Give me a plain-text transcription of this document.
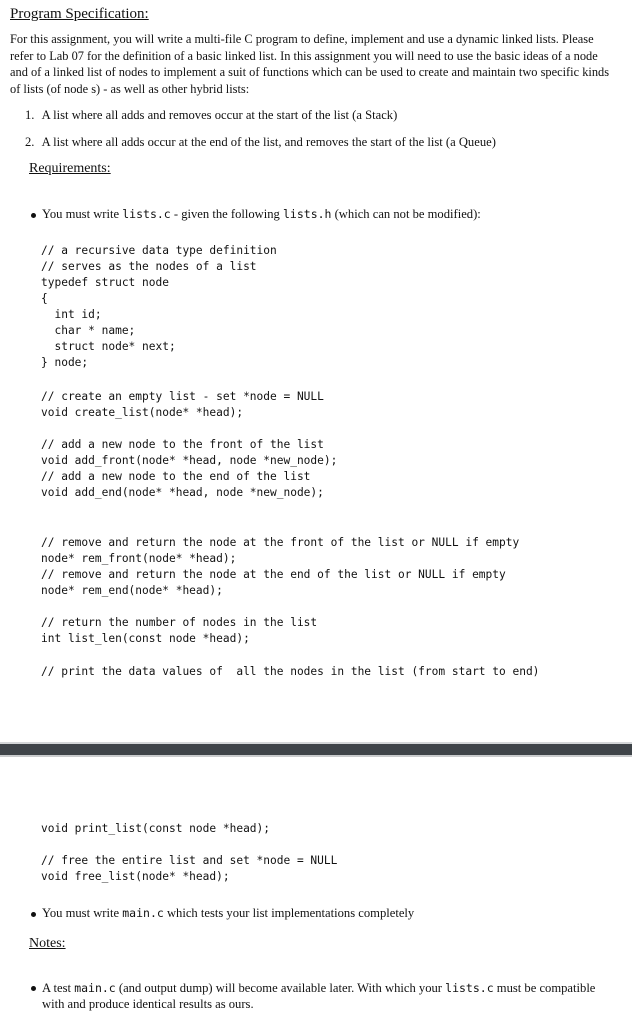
Program Specification:
For this assignment, you will write a multi-file C program to define, implement and use a dynamic linked lists. Please refer to Lab 07 for the definition of a basic linked list. In this assignment you will need to use the basic ideas of a node and of a linked list of nodes to implement a suit of functions which can be used to create and maintain two specific kinds of lists (of node s) - as well as other hybrid lists:
1. A list where all adds and removes occur at the start of the list (a Stack)
2. A list where all adds occur at the end of the list, and removes the start of the list (a Queue)
Requirements:
You must write lists.c - given the following lists.h (which can not be modified):
// a recursive data type definition
// serves as the nodes of a list
typedef struct node
{
int id;
char * name;
struct node* next;
} node;
// create an empty list - set *node = NULL
void create_list(node* *head);
// add a new node to the front of the list
void add_front(node* *head, node *new_node);
// add a new node to the end of the list
void add_end(node* *head, node *new_node);
// remove and return the node at the front of the list or NULL if empty
node* rem_front(node* *head);
// remove and return the node at the end of the list or NULL if empty
node* rem_end(node* *head);
// return the number of nodes in the list
int list_len(const node *head);
// print the data values of  all the nodes in the list (from start to end)
void print_list(const node *head);
// free the entire list and set *node = NULL
void free_list(node* *head);
You must write main.c which tests your list implementations completely
Notes:
A test main.c (and output dump) will become available later. With which your lists.c must be compatible with and produce identical results as ours.
